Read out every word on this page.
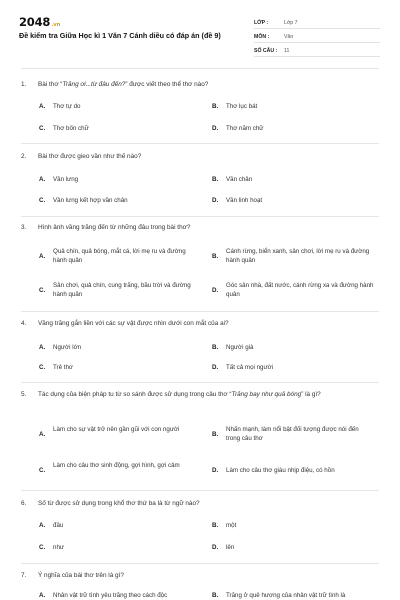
2048.vn
Đề kiểm tra Giữa Học kì 1 Văn 7 Cánh diều có đáp án (đề 9)
LỚP :	Lớp 7
MÔN :	Văn
SỐ CÂU : 11
1. Bài thơ “Trăng ơi...từ đâu đến?” được viết theo thể thơ nào?
A. Thơ tự do	B. Thơ lục bát
C. Thơ bốn chữ	D. Thơ năm chữ
2. Bài thơ được gieo vần như thế nào?
A. Vần lưng	B. Vần chân
C. Vần lưng kết hợp vần chân	D. Vần linh hoạt
3. Hình ảnh vầng trăng đến từ những đâu trong bài thơ?
A.
Quả chín, quả bóng, mắt cá, lời mẹ ru và đường hành quân
B.
Cánh rừng, biển xanh, sân chơi, lời mẹ ru và đường hành quân
C.
Sân chơi, quả chín, cung trăng, bầu trời và đường hành quân
D.
Góc sân nhà, đất nước, cánh rừng xa và đường hành quân
4. Vầng trăng gắn liền với các sự vật được nhìn dưới con mắt của ai?
A. Người lớn	B. Người già
C. Trẻ thơ	D. Tất cả mọi người
5. Tác dụng của biện pháp tu từ so sánh được sử dụng trong câu thơ “Trăng bay như quả bóng” là gì?
A.
Làm cho sự vật trở nên gần gũi với con người
B.
Nhấn mạnh, làm nổi bật đối tượng được nói đến trong câu thơ
C.
Làm cho câu thơ sinh động, gợi hình, gợi cảm
D. Làm cho câu thơ giàu nhịp điệu, có hồn
6. Số từ được sử dụng trong khổ thơ thứ ba là từ ngữ nào?
A. đâu	B. một
C. như	D. lên
7. Ý nghĩa của bài thơ trên là gì?
A. Nhân vật trữ tình yêu trăng theo cách độc	B. Trăng ở quê hương của nhân vật trữ tình là
